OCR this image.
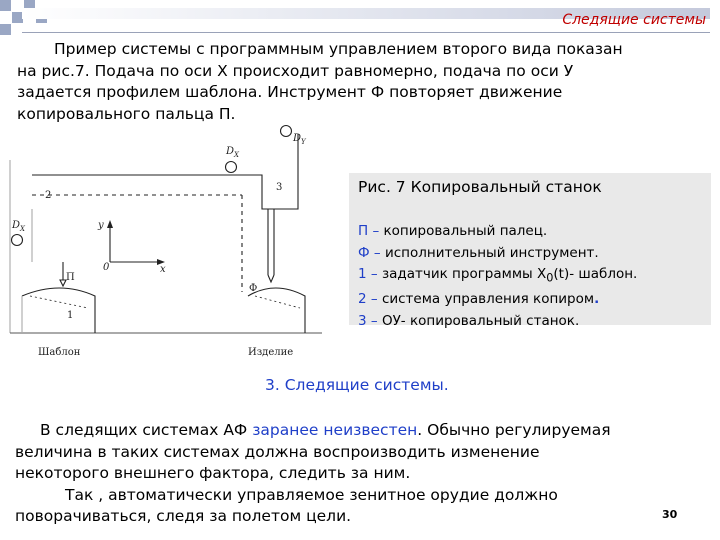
Следящие системы
Пример системы с программным управлением второго вида показан
на рис.7. Подача по оси Х происходит равномерно, подача по оси У
задается профилем шаблона. Инструмент Ф повторяет движение
копировального пальца П.
$D_Y$
$D_X$
$D_X$
2
3
1
y
x
0
П
Ф
Шаблон	Изделие
Рис. 7 Копировальный станок
П – копировальный палец.
Ф – исполнительный инструмент.
1 – задатчик программы $Х_0(t)-$ шаблон.
2 – система управления копиром.
3 – ОУ- копировальный станок.
3. Следящие системы.
В следящих системах АФ заранее неизвестен. Обычно регулируемая
величина в таких системах должна воспроизводить изменение
некоторого внешнего фактора, следить за ним.
Так , автоматически управляемое зенитное орудие должно
поворачиваться, следя за полетом цели.	30
